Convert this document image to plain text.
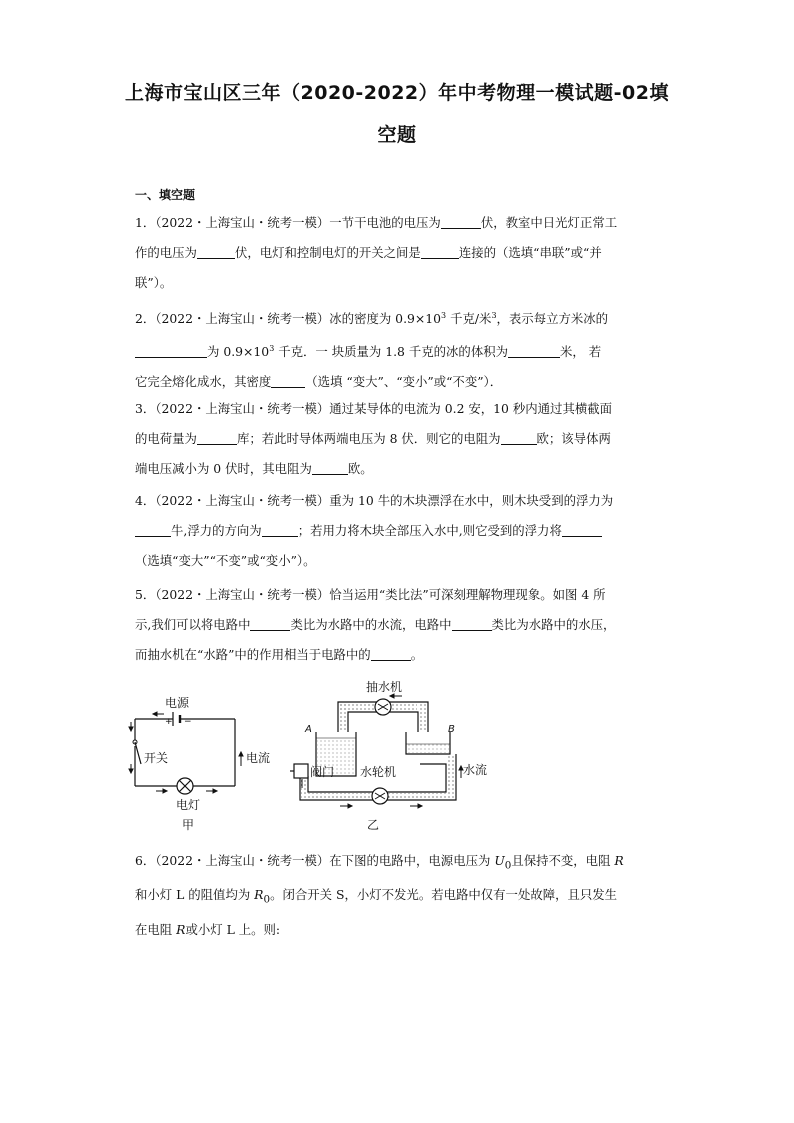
上海市宝山区三年（2020-2022）年中考物理一模试题-02填
空题
一、填空题
1．（2022・上海宝山・统考一模）一节干电池的电压为	伏，教室中日光灯正常工
作的电压为	伏，电灯和控制电灯的开关之间是	连接的（选填“串联”或“并
联”）。
2．（2022・上海宝山・统考一模）冰的密度为 $0.9\times 10^3$ 千克/米$^3$，表示每立方米冰的
为 $0.9\times 10^3$ 千克．一 块质量为 1.8 千克的冰的体积为	米， 若
它完全熔化成水，其密度	（选填 “变大”、“变小”或“不变”）．
3．（2022・上海宝山・统考一模）通过某导体的电流为 0.2 安，10 秒内通过其横截面
的电荷量为	库；若此时导体两端电压为 8 伏．则它的电阻为	欧；该导体两
端电压减小为 0 伏时，其电阻为	欧。
4．（2022・上海宝山・统考一模）重为 10 牛的木块漂浮在水中，则木块受到的浮力为
牛,浮力的方向为	；若用力将木块全部压入水中,则它受到的浮力将
（选填“变大”“不变”或“变小”）。
5．（2022・上海宝山・统考一模）恰当运用“类比法”可深刻理解物理现象。如图 4 所
示,我们可以将电路中	类比为水路中的水流，电路中	类比为水路中的水压，
而抽水机在“水路”中的作用相当于电路中的	。
电源
+ −
开关	电流
电灯
甲
抽水机
A	B
阀门 水轮机	水流
乙
6．（2022・上海宝山・统考一模）在下图的电路中，电源电压为 $U_0$且保持不变，电阻 R
和小灯 L 的阻值均为 $R_0$。闭合开关 S，小灯不发光。若电路中仅有一处故障，且只发生
在电阻 R或小灯 L 上。则:
